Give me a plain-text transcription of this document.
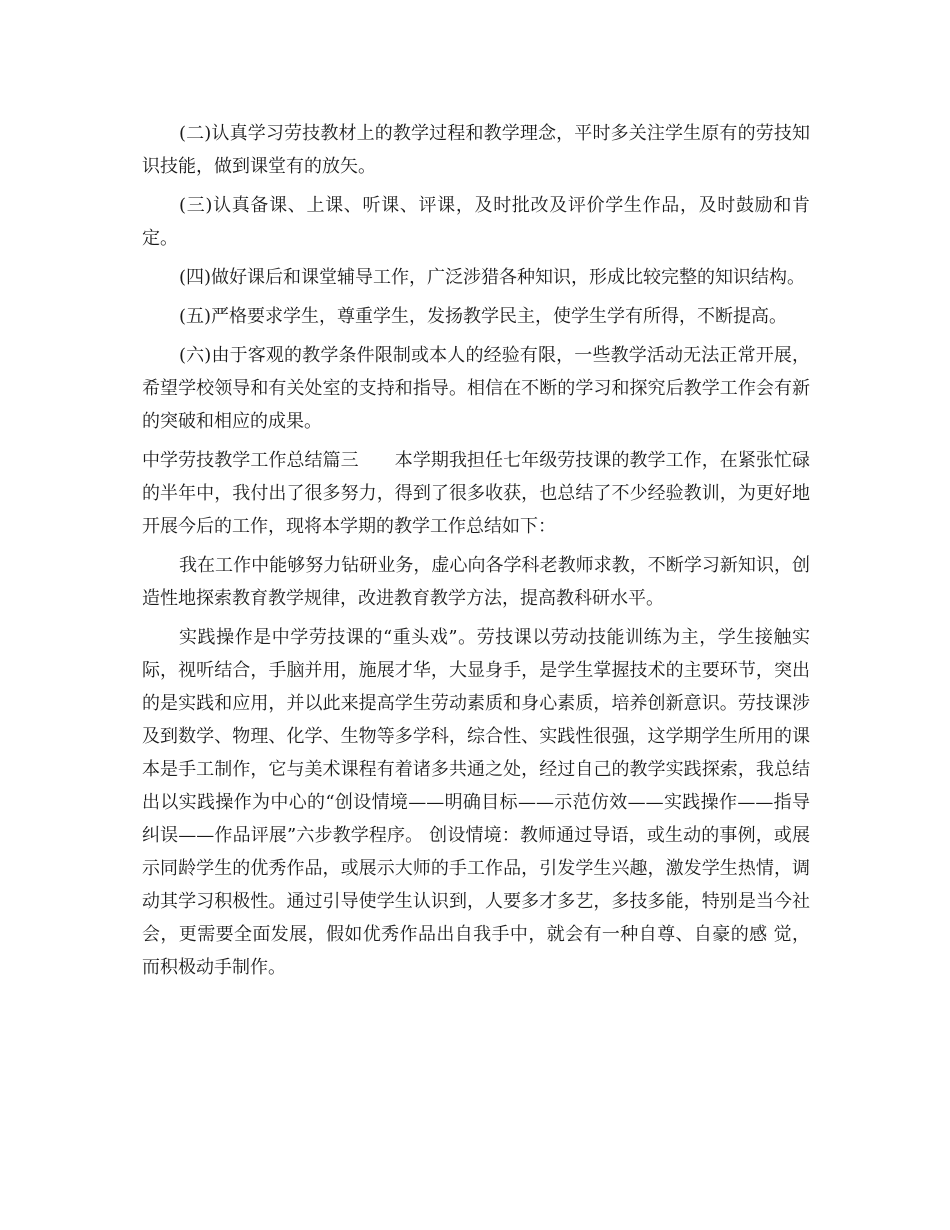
(二)认真学习劳技教材上的教学过程和教学理念，平时多关注学生原有的劳技知识技能，做到课堂有的放矢。

(三)认真备课、上课、听课、评课，及时批改及评价学生作品，及时鼓励和肯定。

(四)做好课后和课堂辅导工作，广泛涉猎各种知识，形成比较完整的知识结构。

(五)严格要求学生，尊重学生，发扬教学民主，使学生学有所得，不断提高。

(六)由于客观的教学条件限制或本人的经验有限，一些教学活动无法正常开展，希望学校领导和有关处室的支持和指导。相信在不断的学习和探究后教学工作会有新的突破和相应的成果。

中学劳技教学工作总结篇三　　本学期我担任七年级劳技课的教学工作，在紧张忙碌的半年中，我付出了很多努力，得到了很多收获，也总结了不少经验教训，为更好地开展今后的工作，现将本学期的教学工作总结如下：

我在工作中能够努力钻研业务，虚心向各学科老教师求教，不断学习新知识，创造性地探索教育教学规律，改进教育教学方法，提高教科研水平。

实践操作是中学劳技课的“重头戏”。劳技课以劳动技能训练为主，学生接触实际，视听结合，手脑并用，施展才华，大显身手，是学生掌握技术的主要环节，突出的是实践和应用，并以此来提高学生劳动素质和身心素质，培养创新意识。劳技课涉及到数学、物理、化学、生物等多学科，综合性、实践性很强，这学期学生所用的课本是手工制作，它与美术课程有着诸多共通之处，经过自己的教学实践探索，我总结出以实践操作为中心的“创设情境——明确目标——示范仿效——实践操作——指导纠误——作品评展”六步教学程序。 创设情境：教师通过导语，或生动的事例，或展示同龄学生的优秀作品，或展示大师的手工作品，引发学生兴趣，激发学生热情，调动其学习积极性。通过引导使学生认识到，人要多才多艺，多技多能，特别是当今社会，更需要全面发展，假如优秀作品出自我手中，就会有一种自尊、自豪的感 觉，而积极动手制作。
